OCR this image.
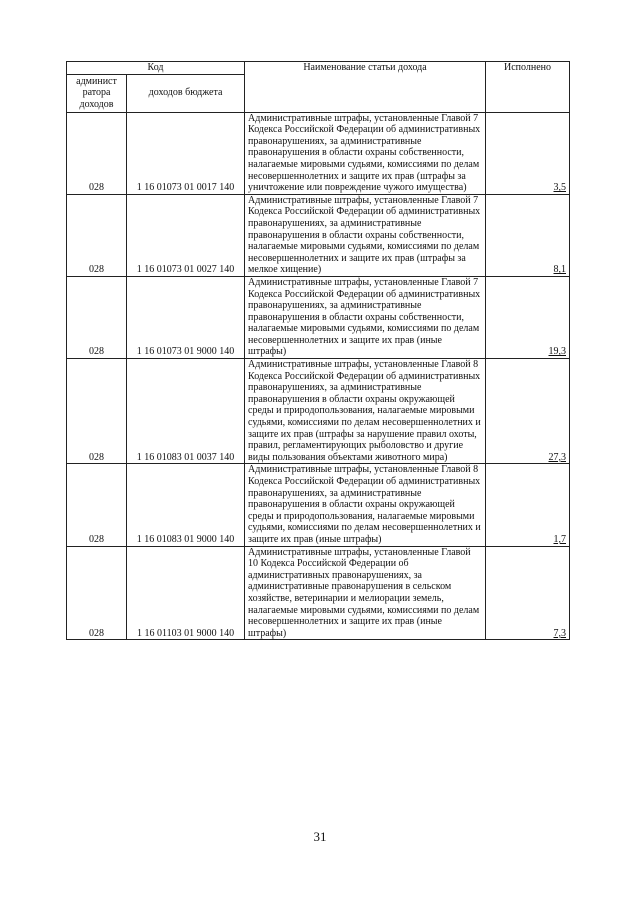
Код		Наименование статьи дохода	Исполнено
админист ратора доходов	доходов бюджета		
028	1 16 01073 01 0017 140	Административные штрафы, установленные Главой 7 Кодекса Российской Федерации об административных правонарушениях, за административные правонарушения в области охраны собственности, налагаемые мировыми судьями, комиссиями по делам несовершеннолетних и защите их прав (штрафы за уничтожение или повреждение чужого имущества)	3,5
028	1 16 01073 01 0027 140	Административные штрафы, установленные Главой 7 Кодекса Российской Федерации об административных правонарушениях, за административные правонарушения в области охраны собственности, налагаемые мировыми судьями, комиссиями по делам несовершеннолетних и защите их прав (штрафы за мелкое хищение)	8,1
028	1 16 01073 01 9000 140	Административные штрафы, установленные Главой 7 Кодекса Российской Федерации об административных правонарушениях, за административные правонарушения в области охраны собственности, налагаемые мировыми судьями, комиссиями по делам несовершеннолетних и защите их прав (иные штрафы)	19,3
028	1 16 01083 01 0037 140	Административные штрафы, установленные Главой 8 Кодекса Российской Федерации об административных правонарушениях, за административные правонарушения в области охраны окружающей среды и природопользования, налагаемые мировыми судьями, комиссиями по делам несовершеннолетних и защите их прав (штрафы за нарушение правил охоты, правил, регламентирующих рыболовство и другие виды пользования объектами животного мира)	27,3
028	1 16 01083 01 9000 140	Административные штрафы, установленные Главой 8 Кодекса Российской Федерации об административных правонарушениях, за административные правонарушения в области охраны окружающей среды и природопользования, налагаемые мировыми судьями, комиссиями по делам несовершеннолетних и защите их прав (иные штрафы)	1,7
028	1 16 01103 01 9000 140	Административные штрафы, установленные Главой 10 Кодекса Российской Федерации об административных правонарушениях, за административные правонарушения в сельском хозяйстве, ветеринарии и мелиорации земель, налагаемые мировыми судьями, комиссиями по делам несовершеннолетних и защите их прав (иные штрафы)	7,3
31
